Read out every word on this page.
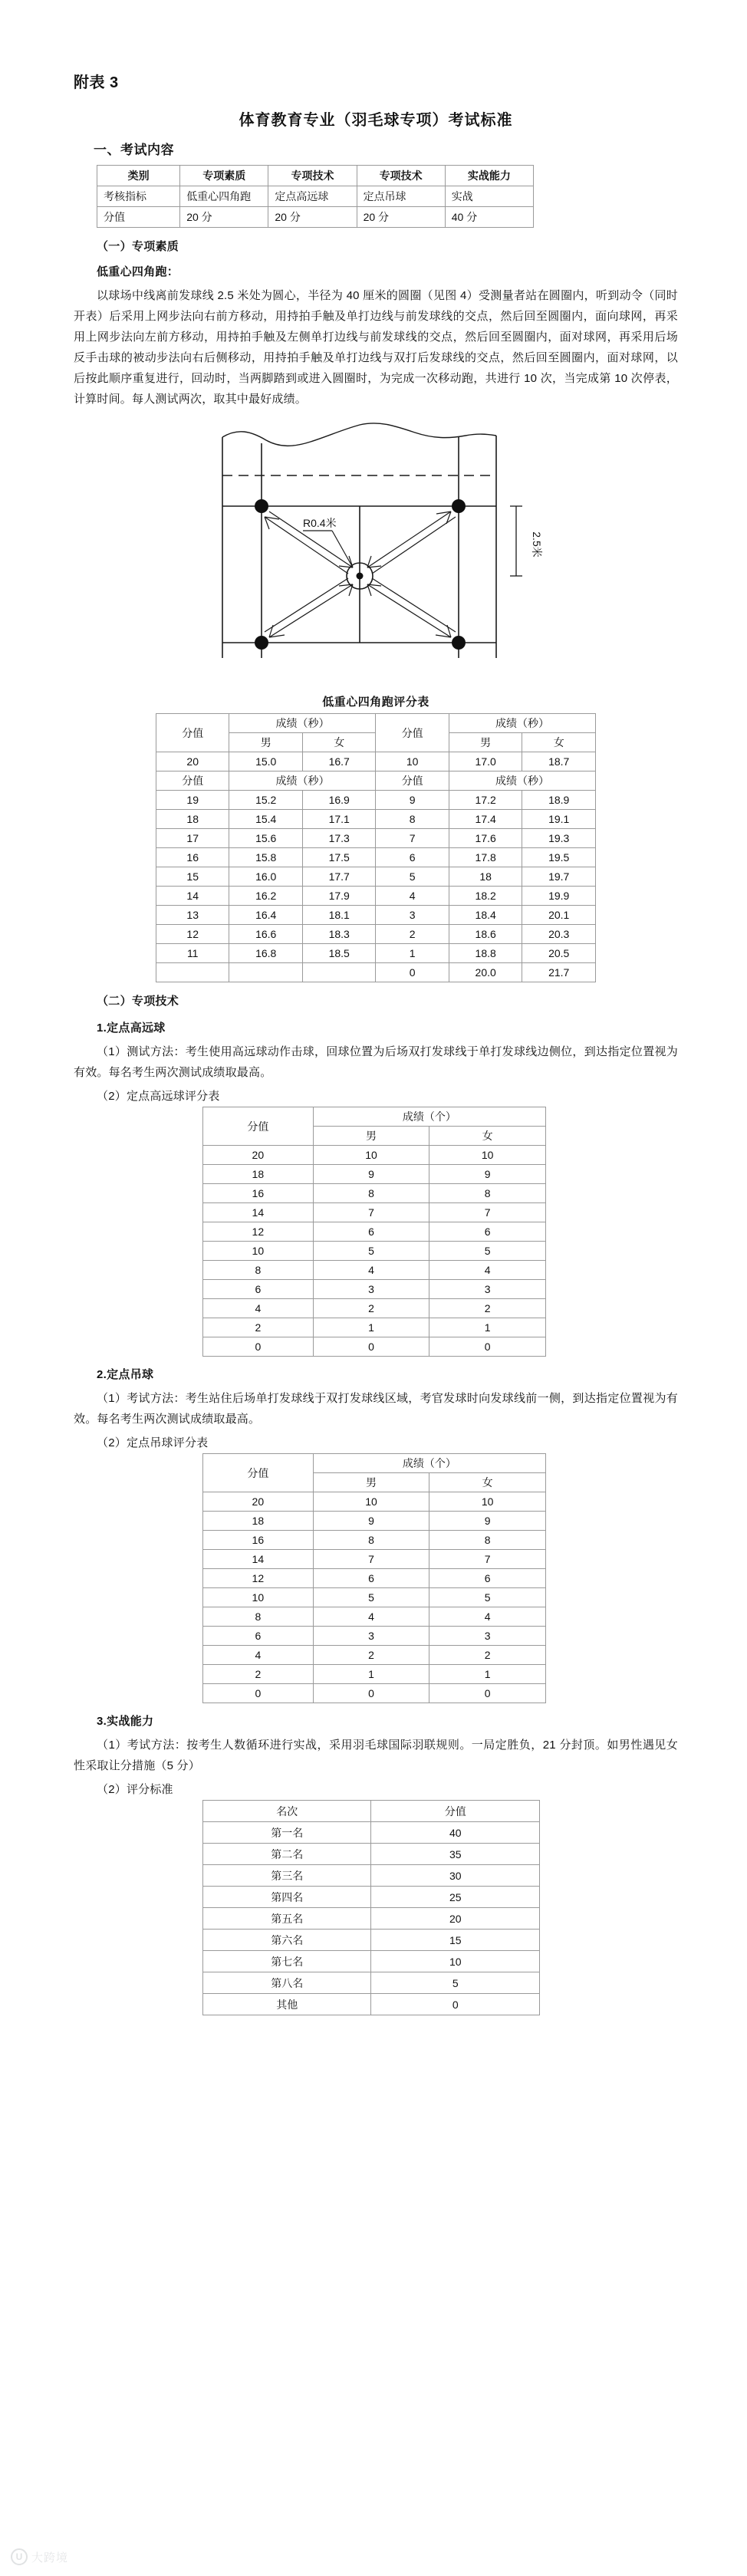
附表 3
体育教育专业（羽毛球专项）考试标准
一、考试内容
类别	专项素质	专项技术	专项技术	实战能力
考核指标	低重心四角跑	定点高远球	定点吊球	实战
分值	20 分	20 分	20 分	40 分
（一）专项素质
低重心四角跑：

以球场中线离前发球线 2.5 米处为圆心，半径为 40 厘米的圆圈（见图 4）受测量者站在圆圈内，听到动令（同时开表）后采用上网步法向右前方移动，用持拍手触及单打边线与前发球线的交点，然后回至圆圈内，面向球网，再采用上网步法向左前方移动，用持拍手触及左侧单打边线与前发球线的交点，然后回至圆圈内，面对球网，再采用后场反手击球的被动步法向右后侧移动，用持拍手触及单打边线与双打后发球线的交点，然后回至圆圈内，面对球网，以后按此顺序重复进行，回动时，当两脚踏到或进入圆圈时，为完成一次移动跑，共进行 10 次，当完成第 10 次停表，计算时间。每人测试两次，取其中最好成绩。

R0.4米
2.5米
低重心四角跑评分表
分值	成绩（秒）		分值	成绩（秒）	
	男	女		男	女
20	15.0	16.7	10	17.0	18.7
分值	成绩（秒）		分值	成绩（秒）	
19	15.2	16.9	9	17.2	18.9
18	15.4	17.1	8	17.4	19.1
17	15.6	17.3	7	17.6	19.3
16	15.8	17.5	6	17.8	19.5
15	16.0	17.7	5	18	19.7
14	16.2	17.9	4	18.2	19.9
13	16.4	18.1	3	18.4	20.1
12	16.6	18.3	2	18.6	20.3
11	16.8	18.5	1	18.8	20.5
			0	20.0	21.7
（二）专项技术
1.定点高远球

（1）测试方法：考生使用高远球动作击球，回球位置为后场双打发球线于单打发球线边侧位，到达指定位置视为有效。每名考生两次测试成绩取最高。

（2）定点高远球评分表

分值	成绩（个）	
	男	女
20	10	10
18	9	9
16	8	8
14	7	7
12	6	6
10	5	5
8	4	4
6	3	3
4	2	2
2	1	1
0	0	0
2.定点吊球

（1）考试方法：考生站住后场单打发球线于双打发球线区域，考官发球时向发球线前一侧，到达指定位置视为有效。每名考生两次测试成绩取最高。

（2）定点吊球评分表

分值	成绩（个）	
	男	女
20	10	10
18	9	9
16	8	8
14	7	7
12	6	6
10	5	5
8	4	4
6	3	3
4	2	2
2	1	1
0	0	0
3.实战能力

（1）考试方法：按考生人数循环进行实战，采用羽毛球国际羽联规则。一局定胜负，21 分封顶。如男性遇见女性采取让分措施（5 分）

（2）评分标准

名次	分值
第一名	40
第二名	35
第三名	30
第四名	25
第五名	20
第六名	15
第七名	10
第八名	5
其他	0
U 大跨境
